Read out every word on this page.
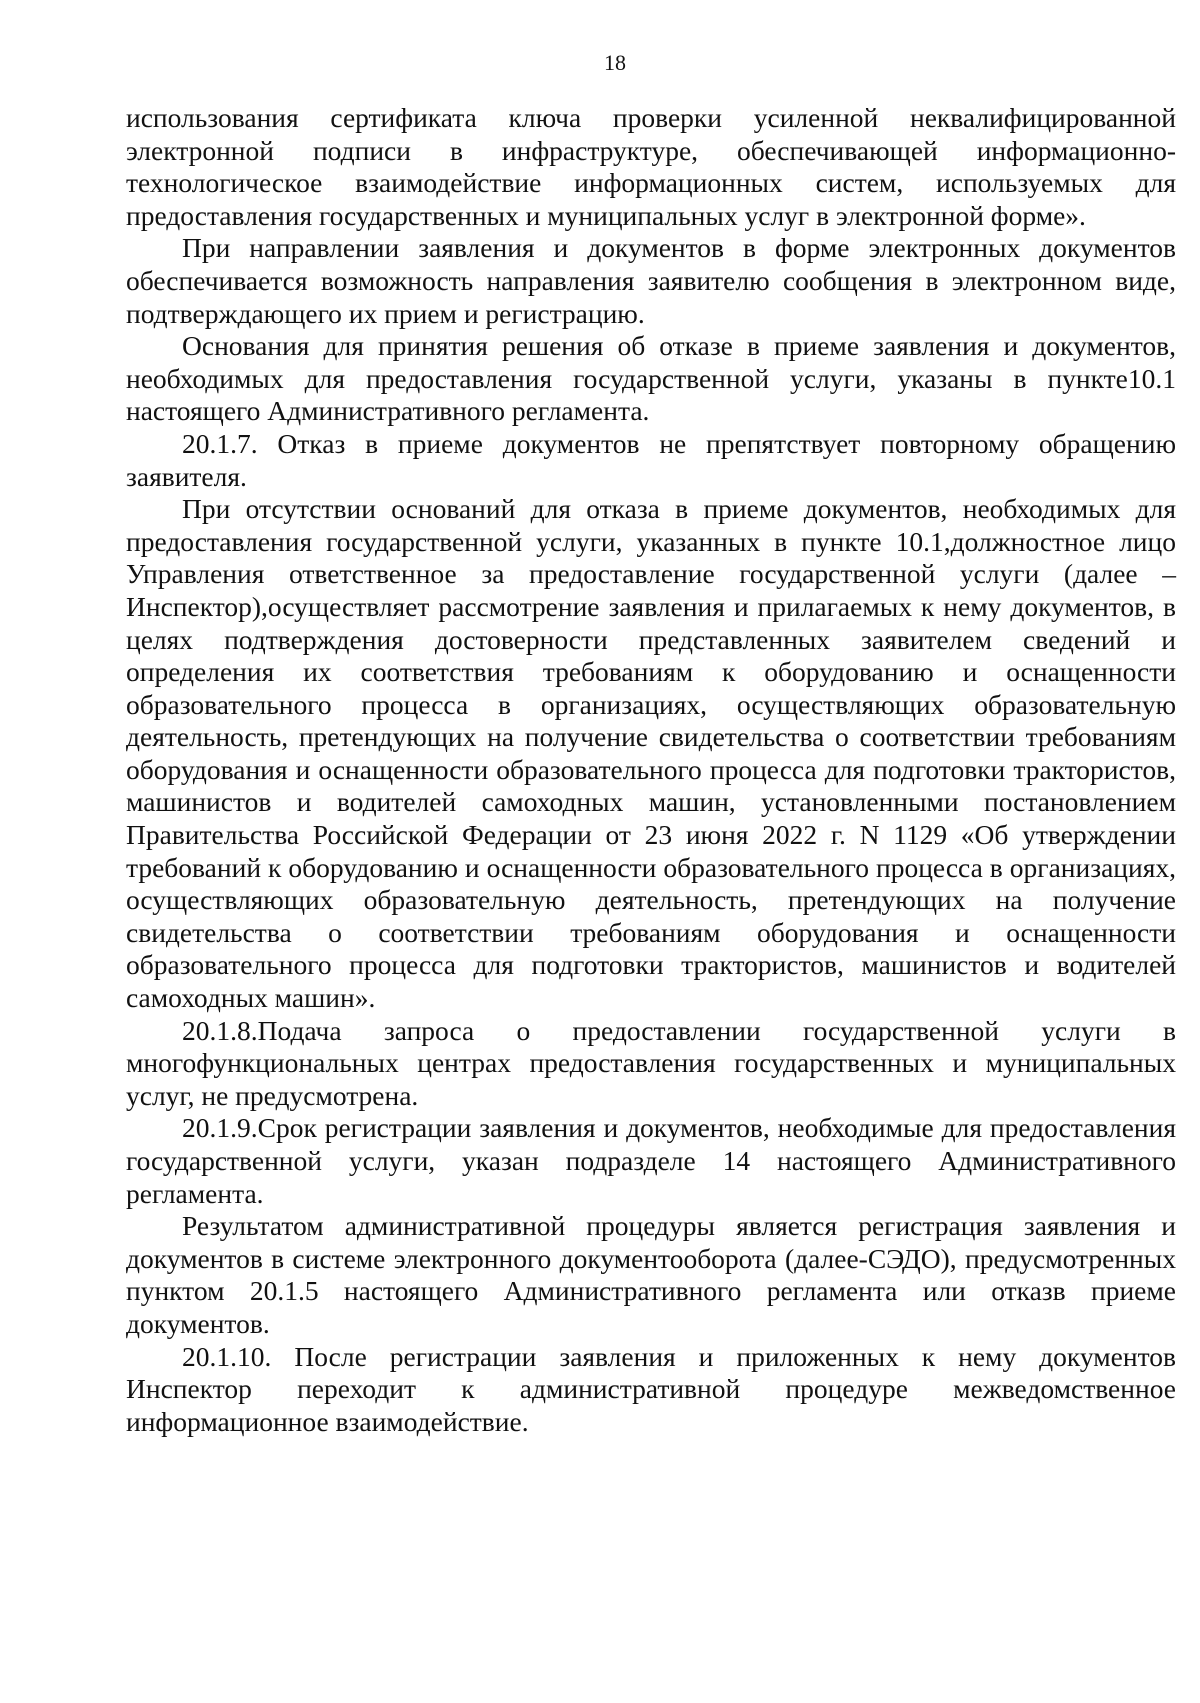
18

использования сертификата ключа проверки усиленной неквалифицированной электронной подписи в инфраструктуре, обеспечивающей информационно-технологическое взаимодействие информационных систем, используемых для предоставления государственных и муниципальных услуг в электронной форме».

При направлении заявления и документов в форме электронных документов обеспечивается возможность направления заявителю сообщения в электронном виде, подтверждающего их прием и регистрацию.

Основания для принятия решения об отказе в приеме заявления и документов, необходимых для предоставления государственной услуги, указаны в пункте10.1 настоящего Административного регламента.

20.1.7. Отказ в приеме документов не препятствует повторному обращению заявителя.

При отсутствии оснований для отказа в приеме документов, необходимых для предоставления государственной услуги, указанных в пункте 10.1,должностное лицо Управления ответственное за предоставление государственной услуги (далее – Инспектор),осуществляет рассмотрение заявления и прилагаемых к нему документов, в целях подтверждения достоверности представленных заявителем сведений и определения их соответствия требованиям к оборудованию и оснащенности образовательного процесса в организациях, осуществляющих образовательную деятельность, претендующих на получение свидетельства о соответствии требованиям оборудования и оснащенности образовательного процесса для подготовки трактористов, машинистов и водителей самоходных машин, установленными постановлением Правительства Российской Федерации от 23 июня 2022 г. N 1129 «Об утверждении требований к оборудованию и оснащенности образовательного процесса в организациях, осуществляющих образовательную деятельность, претендующих на получение свидетельства о соответствии требованиям оборудования и оснащенности образовательного процесса для подготовки трактористов, машинистов и водителей самоходных машин».

20.1.8.Подача запроса о предоставлении государственной услуги в многофункциональных центрах предоставления государственных и муниципальных услуг, не предусмотрена.

20.1.9.Срок регистрации заявления и документов, необходимые для предоставления государственной услуги, указан подразделе 14 настоящего Административного регламента.

Результатом административной процедуры является регистрация заявления и документов в системе электронного документооборота (далее-СЭДО), предусмотренных пунктом 20.1.5 настоящего Административного регламента или отказв приеме документов.

20.1.10. После регистрации заявления и приложенных к нему документов Инспектор переходит к административной процедуре межведомственное информационное взаимодействие.
